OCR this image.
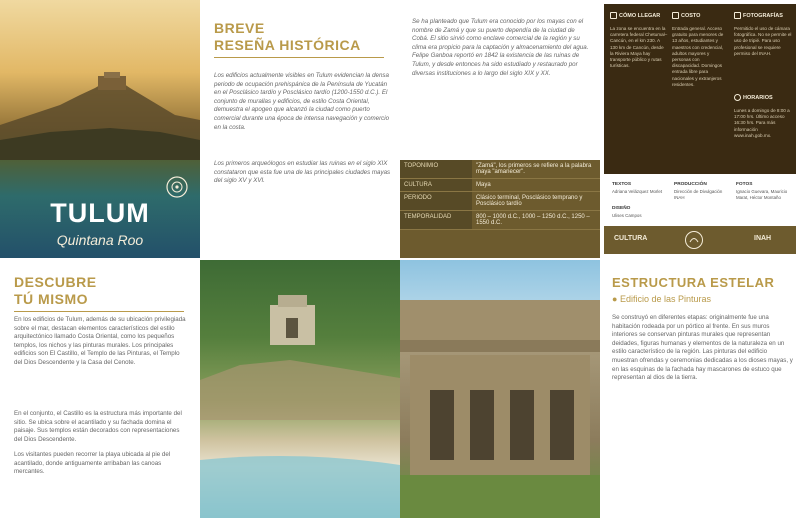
TULUM
Quintana Roo
BREVE
RESEÑA HISTÓRICA

Los edificios actualmente visibles en Tulum evidencian la densa periodo de ocupación prehispánica de la Península de Yucatán en el Posclásico tardío y Posclásico tardío (1200-1550 d.C.). El conjunto de murallas y edificios, de estilo Costa Oriental, demuestra el apogeo que alcanzó la ciudad como puerto comercial durante una época de intensa navegación y comercio en la costa.

Los primeros arqueólogos en estudiar las ruinas en el siglo XIX constataron que esta fue una de las principales ciudades mayas del siglo XV y XVI.

Se ha planteado que Tulum era conocido por los mayas con el nombre de Zamá y que su puerto dependía de la ciudad de Cobá. El sitio sirvió como enclave comercial de la región y su clima era propicio para la captación y almacenamiento del agua. Felipe Ganboa reportó en 1842 la existencia de las ruinas de Tulum, y desde entonces ha sido estudiado y restaurado por diversas instituciones a lo largo del siglo XIX y XX.

TOPONIMIO	"Zamá", los primeros se refiere a la palabra maya "amanecer".
CULTURA	Maya
PERIODO	Clásico terminal, Posclásico temprano y Posclásico tardío
TEMPORALIDAD	800 – 1000 d.C., 1000 – 1250 d.C., 1250 – 1550 d.C.
CÓMO LLEGAR
La zona se encuentra en la carretera federal Chetumal–Cancún, en el km 230. A 130 km de Cancún, desde la Riviera Maya hay transporte público y rutas turísticas.
COSTO
Entrada general. Acceso gratuito para menores de 13 años, estudiantes y maestros con credencial, adultos mayores y personas con discapacidad. Domingos entrada libre para nacionales y extranjeros residentes.
FOTOGRAFÍAS
Permitido el uso de cámara fotográfica. No se permite el uso de tripié. Para uso profesional se requiere permiso del INAH.
HORARIOS
Lunes a domingo de 8:00 a 17:00 hrs. Último acceso 16:30 hrs. Para más información www.inah.gob.mx.
TEXTOS
Adriana Velázquez Morlet
DISEÑO
Ulises Campos
PRODUCCIÓN
Dirección de Divulgación INAH
FOTOS
Ignacio Guevara, Mauricio Marat, Héctor Montaño
CULTURA	INAH
DESCUBRE
TÚ MISMO

En los edificios de Tulum, además de su ubicación privilegiada sobre el mar, destacan elementos característicos del estilo arquitectónico llamado Costa Oriental, como los pequeños templos, los nichos y las pinturas murales. Los principales edificios son El Castillo, el Templo de las Pinturas, el Templo del Dios Descendente y la Casa del Cenote.

En el conjunto, el Castillo es la estructura más importante del sitio. Se ubica sobre el acantilado y su fachada domina el paisaje. Sus templos están decorados con representaciones del Dios Descendente.

Los visitantes pueden recorrer la playa ubicada al pie del acantilado, donde antiguamente arribaban las canoas mercantes.

ESTRUCTURA ESTELAR
● Edificio de las Pinturas

Se construyó en diferentes etapas: originalmente fue una habitación rodeada por un pórtico al frente. En sus muros interiores se conservan pinturas murales que representan deidades, figuras humanas y elementos de la naturaleza en un estilo característico de la región. Las pinturas del edificio muestran ofrendas y ceremonias dedicadas a los dioses mayas, y en las esquinas de la fachada hay mascarones de estuco que representan al dios de la tierra.
